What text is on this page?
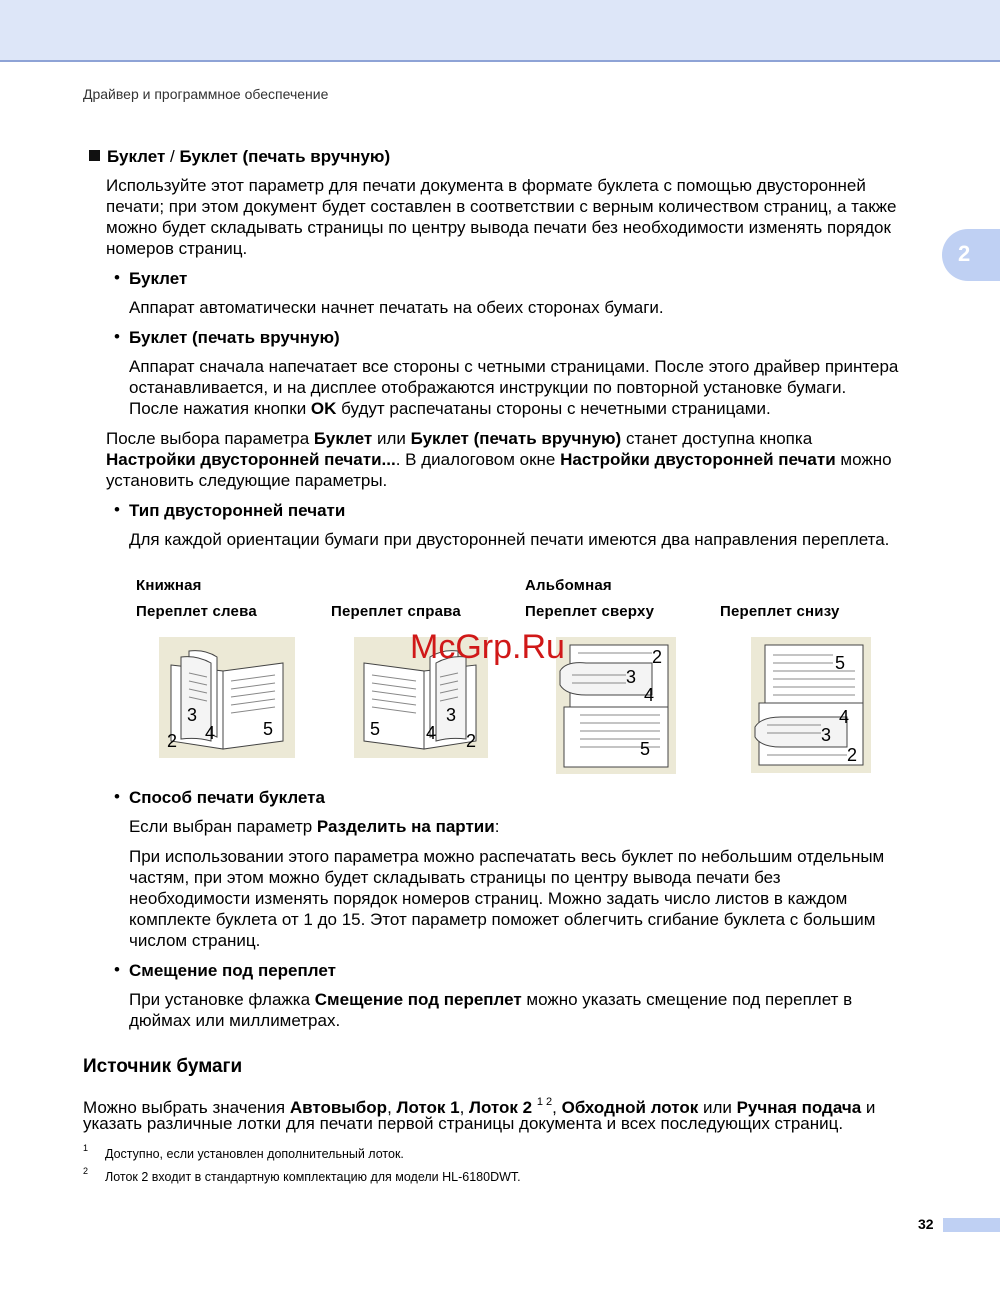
Драйвер и программное обеспечение
2
Буклет / Буклет (печать вручную)
Используйте этот параметр для печати документа в формате буклета с помощью двусторонней
печати; при этом документ будет составлен в соответствии с верным количеством страниц, а также
можно будет складывать страницы по центру вывода печати без необходимости изменять порядок
номеров страниц.
• Буклет
Аппарат автоматически начнет печатать на обеих сторонах бумаги.
• Буклет (печать вручную)
Аппарат сначала напечатает все стороны с четными страницами. После этого драйвер принтера
останавливается, и на дисплее отображаются инструкции по повторной установке бумаги.
После нажатия кнопки OK будут распечатаны стороны с нечетными страницами.
После выбора параметра Буклет или Буклет (печать вручную) станет доступна кнопка
Настройки двусторонней печати.... В диалоговом окне Настройки двусторонней печати можно
установить следующие параметры.
• Тип двусторонней печати
Для каждой ориентации бумаги при двусторонней печати имеются два направления переплета.
Книжная	Альбомная
Переплет слева	Переплет справа	Переплет сверху	Переплет снизу
2
3
4	5	5	4
3
2
2
3
4
5
5
4
3
2
McGrp.Ru
• Способ печати буклета
Если выбран параметр Разделить на партии:
При использовании этого параметра можно распечатать весь буклет по небольшим отдельным
частям, при этом можно будет складывать страницы по центру вывода печати без
необходимости изменять порядок номеров страниц. Можно задать число листов в каждом
комплекте буклета от 1 до 15. Этот параметр поможет облегчить сгибание буклета с большим
числом страниц.
• Смещение под переплет
При установке флажка Смещение под переплет можно указать смещение под переплет в
дюймах или миллиметрах.
Источник бумаги
Можно выбрать значения Автовыбор, Лоток 1, Лоток 2 $^{1 2}$, Обходной лоток или Ручная подача и
указать различные лотки для печати первой страницы документа и всех последующих страниц.
1 Доступно, если установлен дополнительный лоток.
2 Лоток 2 входит в стандартную комплектацию для модели HL-6180DWT.
32
